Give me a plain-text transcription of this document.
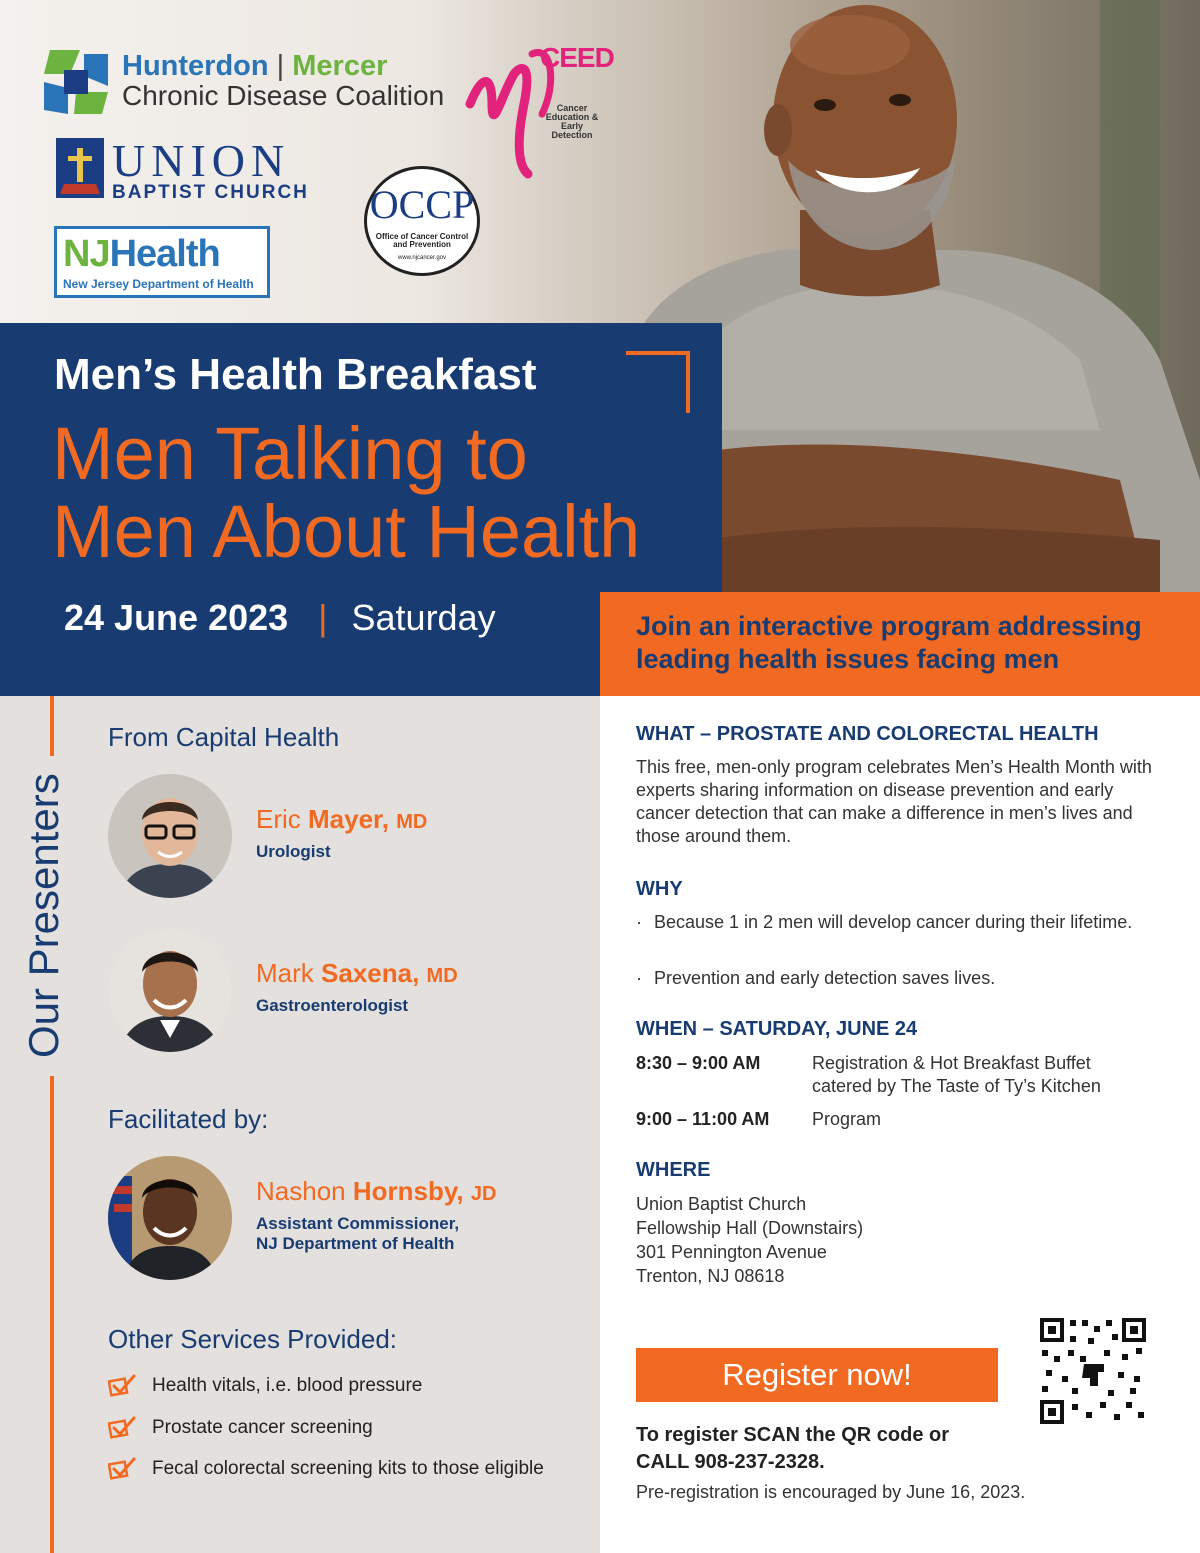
Hunterdon | Mercer
Chronic Disease Coalition
UNION
BAPTIST CHURCH
NJHealth
New Jersey Department of Health
CEED
Cancer Education & Early Detection
OCCP
Office of Cancer Control and Prevention
www.njcancer.gov
Men’s Health Breakfast
Men Talking to
Men About Health
24 June 2023 | Saturday	Join an interactive program addressing leading health issues facing men
Our Presenters
From Capital Health
Eric Mayer, MD
Urologist
Mark Saxena, MD
Gastroenterologist
Facilitated by:
Nashon Hornsby, JD
Assistant Commissioner,
NJ Department of Health
Other Services Provided:
Health vitals, i.e. blood pressure
Prostate cancer screening
Fecal colorectal screening kits to those eligible
WHAT – PROSTATE AND COLORECTAL HEALTH
This free, men-only program celebrates Men’s Health Month with experts sharing information on disease prevention and early cancer detection that can make a difference in men’s lives and those around them.
WHY
· Because 1 in 2 men will develop cancer during their lifetime.
· Prevention and early detection saves lives.
WHEN – SATURDAY, JUNE 24
8:30 – 9:00 AM	Registration & Hot Breakfast Buffet catered by The Taste of Ty’s Kitchen
9:00 – 11:00 AM Program
WHERE
Union Baptist Church
Fellowship Hall (Downstairs)
301 Pennington Avenue
Trenton, NJ 08618
Register now!
To register SCAN the QR code or CALL 908-237-2328.
Pre-registration is encouraged by June 16, 2023.
